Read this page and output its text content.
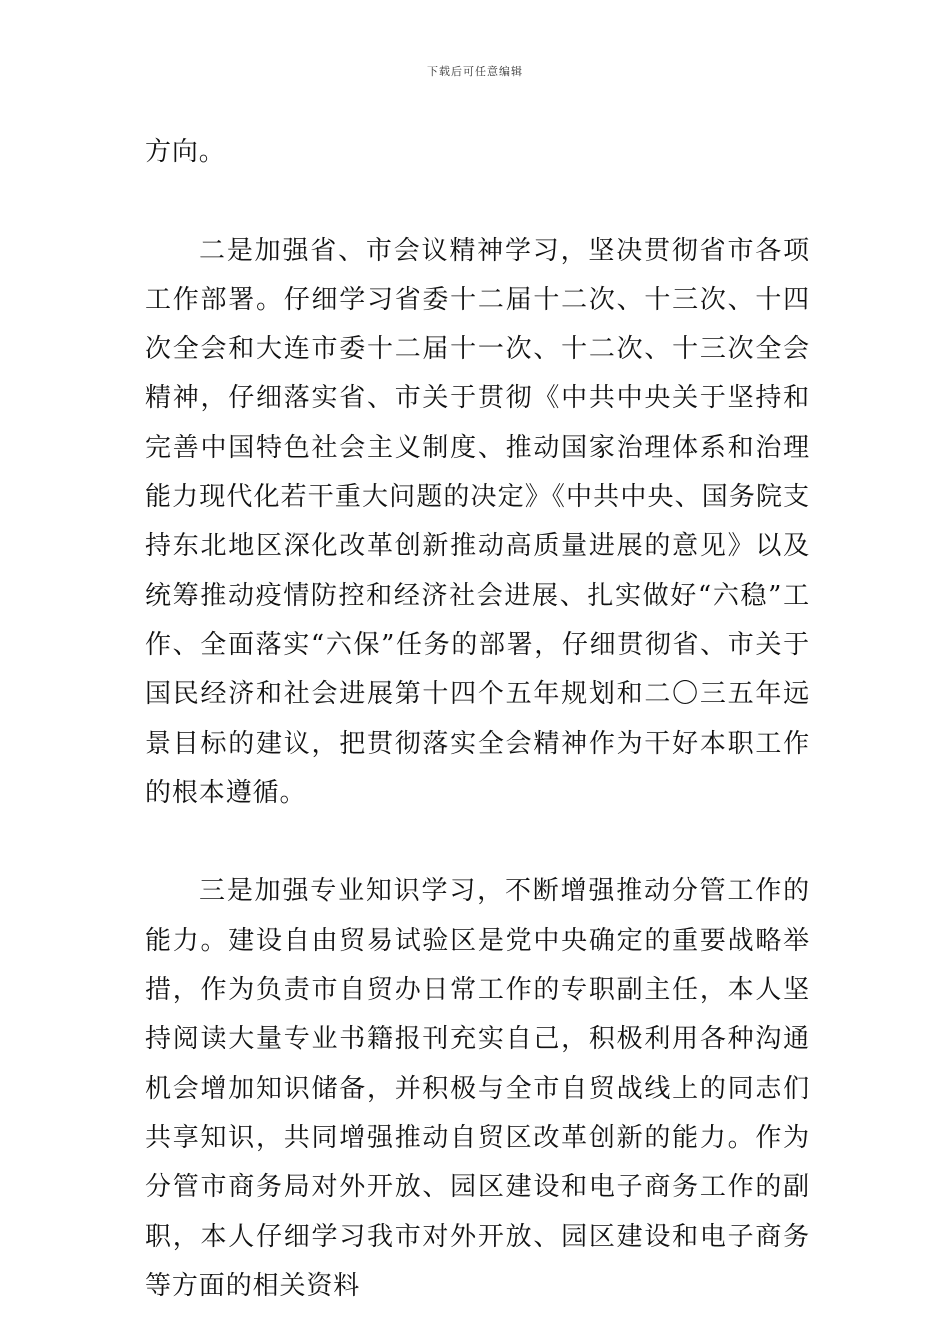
下载后可任意编辑

方向。

二是加强省、市会议精神学习，坚决贯彻省市各项工作部署。仔细学习省委十二届十二次、十三次、十四次全会和大连市委十二届十一次、十二次、十三次全会精神，仔细落实省、市关于贯彻《中共中央关于坚持和完善中国特色社会主义制度、推动国家治理体系和治理能力现代化若干重大问题的决定》《中共中央、国务院支持东北地区深化改革创新推动高质量进展的意见》以及统筹推动疫情防控和经济社会进展、扎实做好“六稳”工作、全面落实“六保”任务的部署，仔细贯彻省、市关于国民经济和社会进展第十四个五年规划和二〇三五年远景目标的建议，把贯彻落实全会精神作为干好本职工作的根本遵循。

三是加强专业知识学习，不断增强推动分管工作的能力。建设自由贸易试验区是党中央确定的重要战略举措，作为负责市自贸办日常工作的专职副主任，本人坚持阅读大量专业书籍报刊充实自己，积极利用各种沟通机会增加知识储备，并积极与全市自贸战线上的同志们共享知识，共同增强推动自贸区改革创新的能力。作为分管市商务局对外开放、园区建设和电子商务工作的副职，本人仔细学习我市对外开放、园区建设和电子商务等方面的相关资料
